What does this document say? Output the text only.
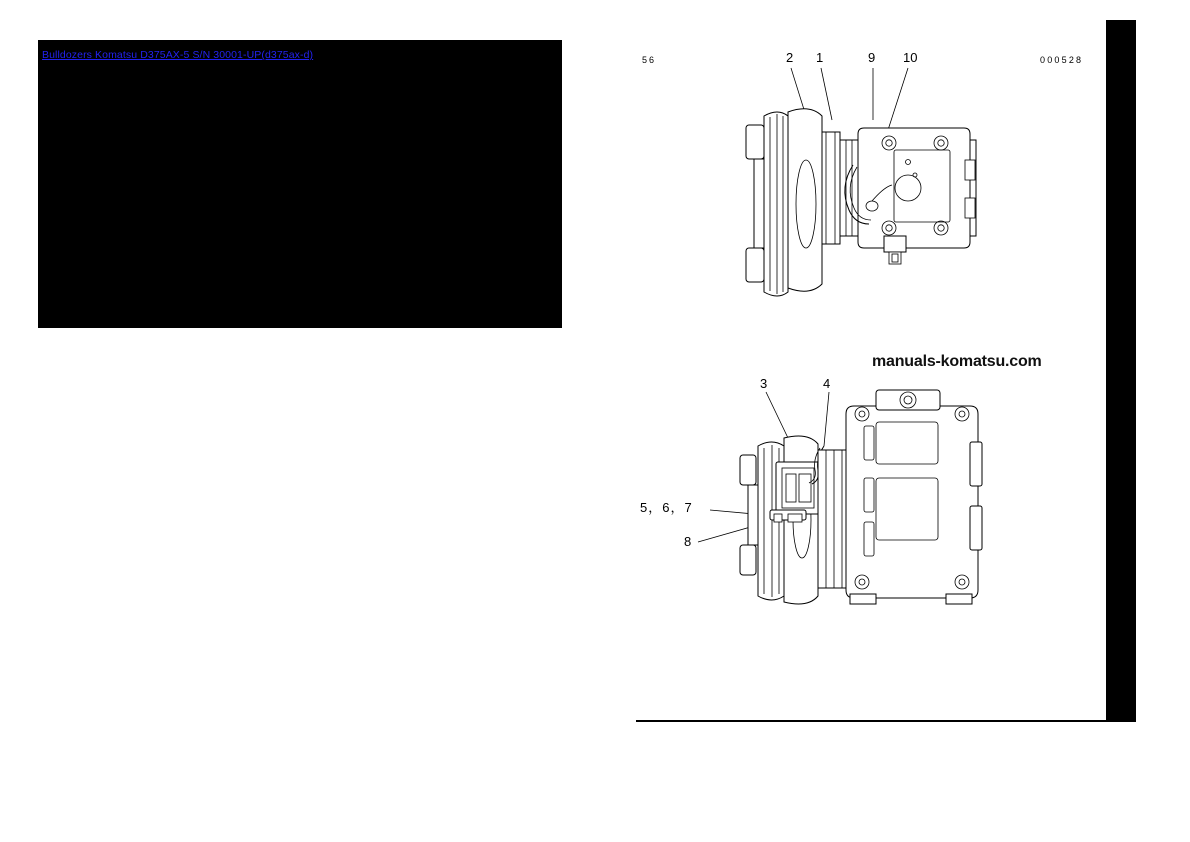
Bulldozers Komatsu D375AX-5 S/N 30001-UP(d375ax-d)	56	000528
manuals-komatsu.com
2 1	9 10
3	4
5，6，7
8
